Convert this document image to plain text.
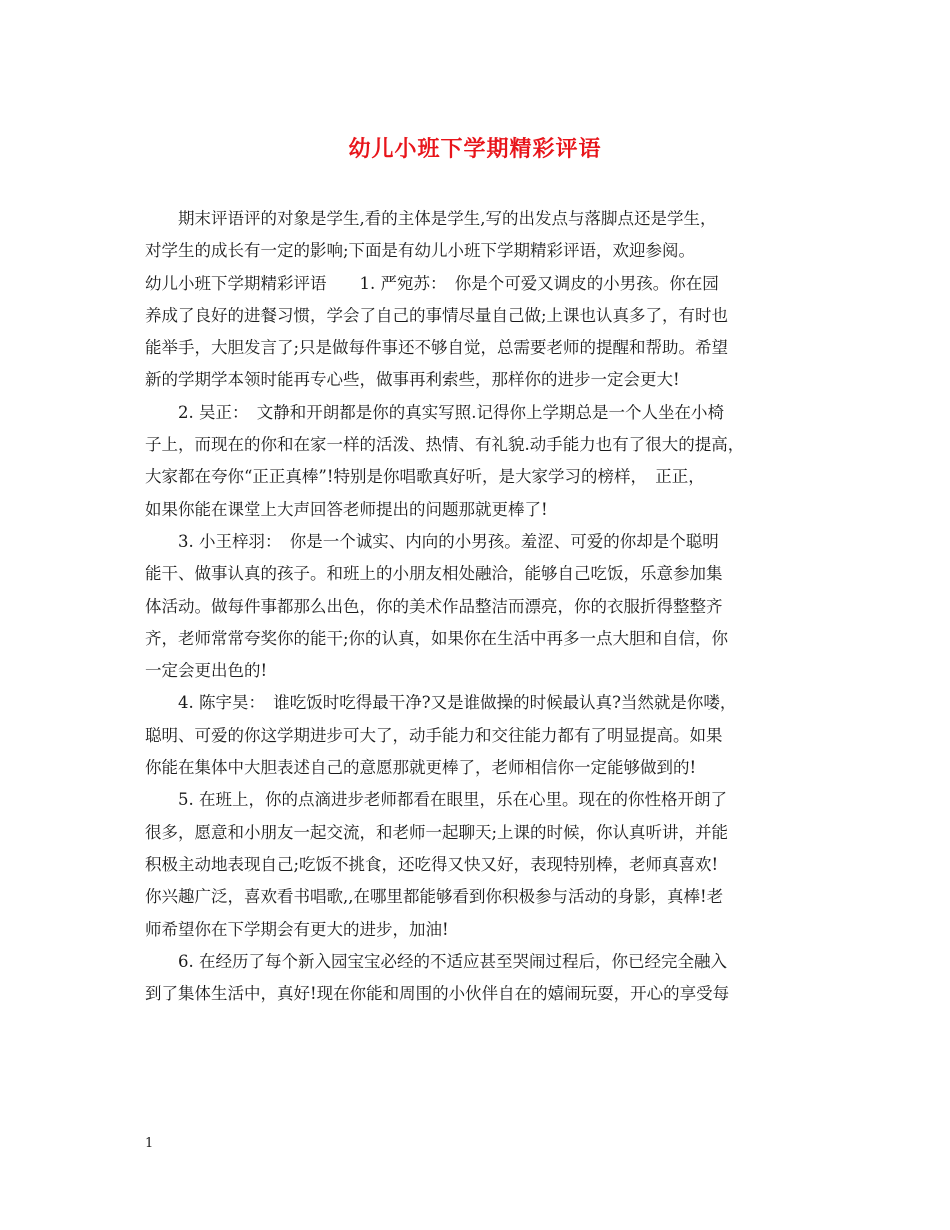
幼儿小班下学期精彩评语
期末评语评的对象是学生,看的主体是学生,写的出发点与落脚点还是学生，
对学生的成长有一定的影响;下面是有幼儿小班下学期精彩评语，欢迎参阅。
幼儿小班下学期精彩评语　　1. 严宛苏：　你是个可爱又调皮的小男孩。你在园
养成了良好的进餐习惯，学会了自己的事情尽量自己做;上课也认真多了，有时也
能举手，大胆发言了;只是做每件事还不够自觉，总需要老师的提醒和帮助。希望
新的学期学本领时能再专心些，做事再利索些，那样你的进步一定会更大!
2. 吴正：　文静和开朗都是你的真实写照.记得你上学期总是一个人坐在小椅
子上，而现在的你和在家一样的活泼、热情、有礼貌.动手能力也有了很大的提高，
大家都在夸你“正正真棒”!特别是你唱歌真好听，是大家学习的榜样，　正正，
如果你能在课堂上大声回答老师提出的问题那就更棒了!
3. 小王梓羽：　你是一个诚实、内向的小男孩。羞涩、可爱的你却是个聪明
能干、做事认真的孩子。和班上的小朋友相处融洽，能够自己吃饭，乐意参加集
体活动。做每件事都那么出色，你的美术作品整洁而漂亮，你的衣服折得整整齐
齐，老师常常夸奖你的能干;你的认真，如果你在生活中再多一点大胆和自信，你
一定会更出色的!
4. 陈宇昊：　谁吃饭时吃得最干净?又是谁做操的时候最认真?当然就是你喽，
聪明、可爱的你这学期进步可大了，动手能力和交往能力都有了明显提高。如果
你能在集体中大胆表述自己的意愿那就更棒了，老师相信你一定能够做到的!
5. 在班上，你的点滴进步老师都看在眼里，乐在心里。现在的你性格开朗了
很多，愿意和小朋友一起交流，和老师一起聊天;上课的时候，你认真听讲，并能
积极主动地表现自己;吃饭不挑食，还吃得又快又好，表现特别棒，老师真喜欢!
你兴趣广泛，喜欢看书唱歌,,在哪里都能够看到你积极参与活动的身影，真棒!老
师希望你在下学期会有更大的进步，加油!
6. 在经历了每个新入园宝宝必经的不适应甚至哭闹过程后，你已经完全融入
到了集体生活中，真好!现在你能和周围的小伙伴自在的嬉闹玩耍，开心的享受每
1
